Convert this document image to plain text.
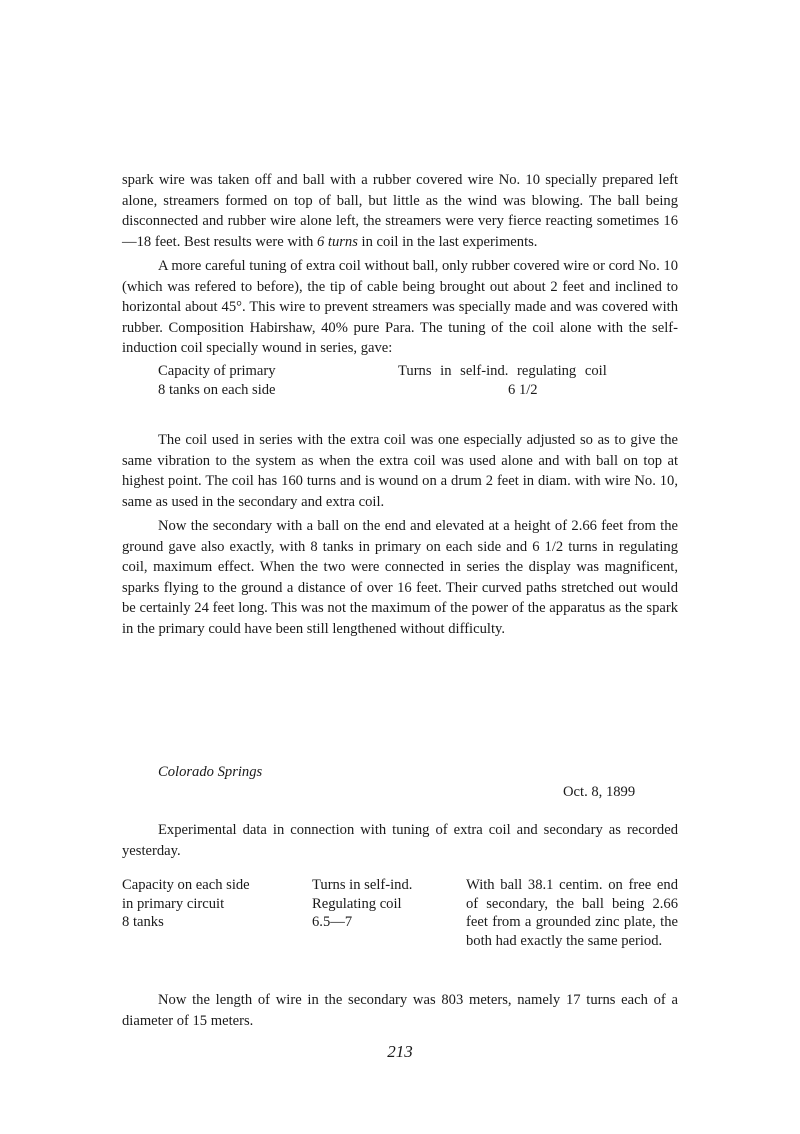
spark wire was taken off and ball with a rubber covered wire No. 10 specially prepared left alone, streamers formed on top of ball, but little as the wind was blowing. The ball being disconnected and rubber wire alone left, the streamers were very fierce reacting sometimes 16—18 feet. Best results were with 6 turns in coil in the last experiments.

A more careful tuning of extra coil without ball, only rubber covered wire or cord No. 10 (which was refered to before), the tip of cable being brought out about 2 feet and inclined to horizontal about 45°. This wire to prevent streamers was specially made and was covered with rubber. Composition Habirshaw, 40% pure Para. The tuning of the coil alone with the self-induction coil specially wound in series, gave:

Capacity of primary	Turns in self-ind. regulating coil
8 tanks on each side	6 1/2

The coil used in series with the extra coil was one especially adjusted so as to give the same vibration to the system as when the extra coil was used alone and with ball on top at highest point. The coil has 160 turns and is wound on a drum 2 feet in diam. with wire No. 10, same as used in the secondary and extra coil.

Now the secondary with a ball on the end and elevated at a height of 2.66 feet from the ground gave also exactly, with 8 tanks in primary on each side and 6 1/2 turns in regulating coil, maximum effect. When the two were connected in series the display was magnificent, sparks flying to the ground a distance of over 16 feet. Their curved paths stretched out would be certainly 24 feet long. This was not the maximum of the power of the apparatus as the spark in the primary could have been still lengthened without difficulty.

Colorado Springs
Oct. 8, 1899

Experimental data in connection with tuning of extra coil and secondary as recorded yesterday.

Capacity on each side
in primary circuit
8 tanks
Turns in self-ind.
Regulating coil
6.5—7
With ball 38.1 centim. on free end of secondary, the ball being 2.66 feet from a grounded zinc plate, the both had exactly the same period.

Now the length of wire in the secondary was 803 meters, namely 17 turns each of a diameter of 15 meters.

213
